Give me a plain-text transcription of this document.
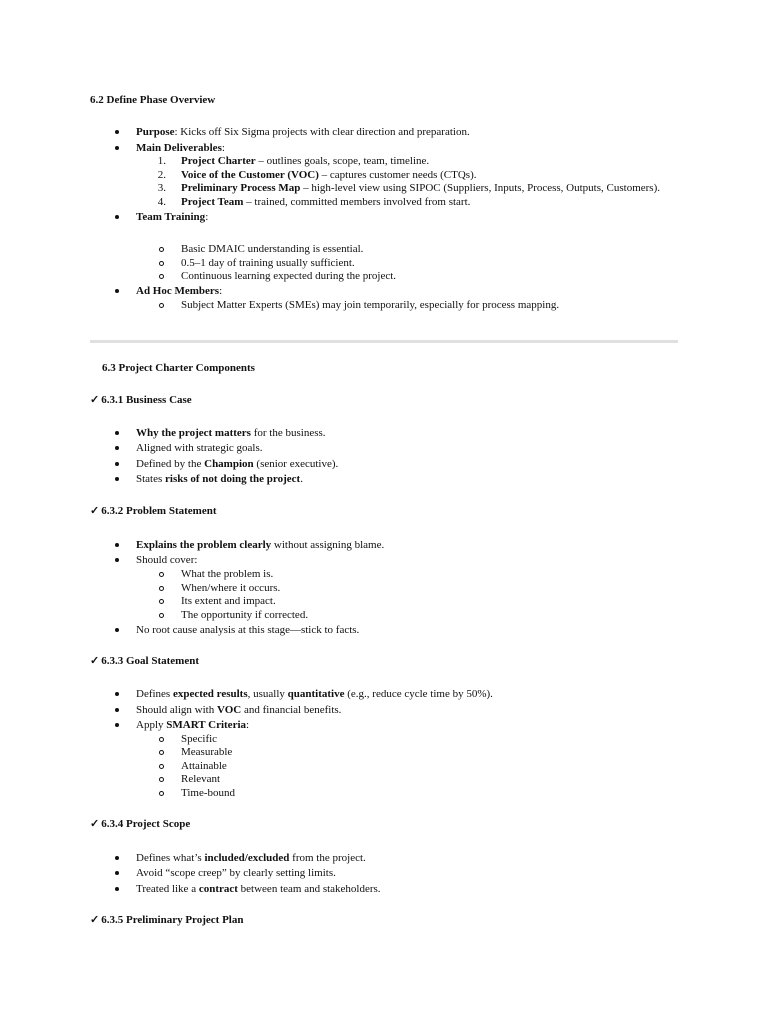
6.2 Define Phase Overview
Purpose: Kicks off Six Sigma projects with clear direction and preparation.
Main Deliverables:
1. Project Charter – outlines goals, scope, team, timeline.
2. Voice of the Customer (VOC) – captures customer needs (CTQs).
3. Preliminary Process Map – high-level view using SIPOC (Suppliers, Inputs, Process, Outputs, Customers).
4. Project Team – trained, committed members involved from start.
Team Training:
Basic DMAIC understanding is essential.
0.5–1 day of training usually sufficient.
Continuous learning expected during the project.
Ad Hoc Members:
Subject Matter Experts (SMEs) may join temporarily, especially for process mapping.
6.3 Project Charter Components
✓ 6.3.1 Business Case
Why the project matters for the business.
Aligned with strategic goals.
Defined by the Champion (senior executive).
States risks of not doing the project.
✓ 6.3.2 Problem Statement
Explains the problem clearly without assigning blame.
Should cover:
What the problem is.
When/where it occurs.
Its extent and impact.
The opportunity if corrected.
No root cause analysis at this stage—stick to facts.
✓ 6.3.3 Goal Statement
Defines expected results, usually quantitative (e.g., reduce cycle time by 50%).
Should align with VOC and financial benefits.
Apply SMART Criteria:
Specific
Measurable
Attainable
Relevant
Time-bound
✓ 6.3.4 Project Scope
Defines what’s included/excluded from the project.
Avoid “scope creep” by clearly setting limits.
Treated like a contract between team and stakeholders.
✓ 6.3.5 Preliminary Project Plan
